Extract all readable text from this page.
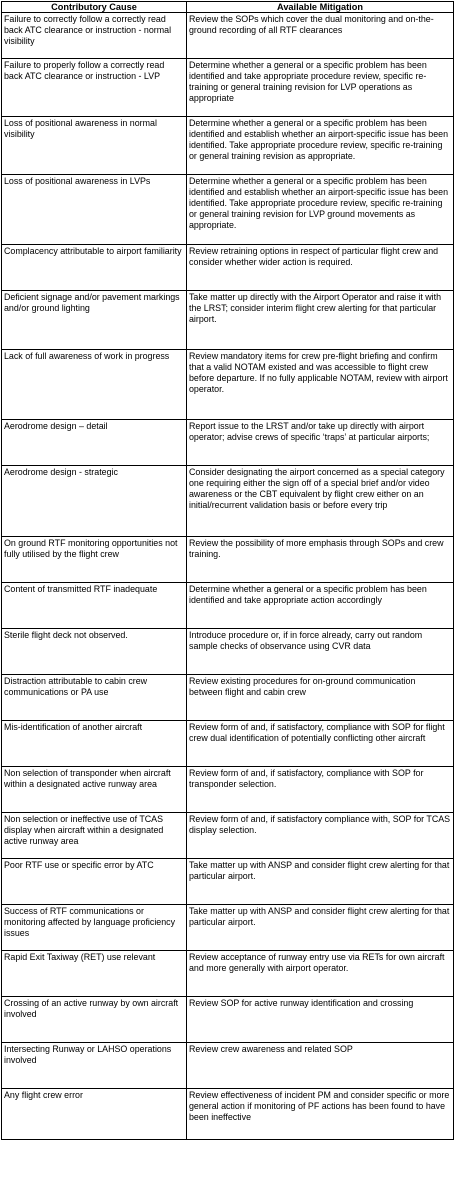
Contributory Cause	Available Mitigation
Failure to correctly follow a correctly read back ATC clearance or instruction - normal visibility	Review the SOPs which cover the dual monitoring and on-the-ground recording of all RTF clearances
Failure to properly follow a correctly read back ATC clearance or instruction - LVP	Determine whether a general or a specific problem has been identified and take appropriate procedure review, specific re-training or general training revision for LVP operations as appropriate
Loss of positional awareness in normal visibility	Determine whether a general or a specific problem has been identified and establish whether an airport-specific issue has been identified. Take appropriate procedure review, specific re-training or general training revision as appropriate.
Loss of positional awareness in LVPs	Determine whether a general or a specific problem has been identified and establish whether an airport-specific issue has been identified. Take appropriate procedure review, specific re-training or general training revision for LVP ground movements as appropriate.
Complacency attributable to airport familiarity	Review retraining options in respect of particular flight crew and consider whether wider action is required.
Deficient signage and/or pavement markings and/or ground lighting	Take matter up directly with the Airport Operator and raise it with the LRST; consider interim flight crew alerting for that particular airport.
Lack of full awareness of work in progress	Review mandatory items for crew pre-flight briefing and confirm that a valid NOTAM existed and was accessible to flight crew before departure. If no fully applicable NOTAM, review with airport operator.
Aerodrome design – detail	Report issue to the LRST and/or take up directly with airport operator; advise crews of specific ‘traps’ at particular airports;
Aerodrome design - strategic	Consider designating the airport concerned as a special category one requiring either the sign off of a special brief and/or video awareness or the CBT equivalent by flight crew either on an initial/recurrent validation basis or before every trip
On ground RTF monitoring opportunities not fully utilised by the flight crew	Review the possibility of more emphasis through SOPs and crew training.
Content of transmitted RTF inadequate	Determine whether a general or a specific problem has been identified and take appropriate action accordingly
Sterile flight deck not observed.	Introduce procedure or, if in force already, carry out random sample checks of observance using CVR data
Distraction attributable to cabin crew communications or PA use	Review existing procedures for on-ground communication between flight and cabin crew
Mis-identification of another aircraft	Review form of and, if satisfactory, compliance with SOP for flight crew dual identification of potentially conflicting other aircraft
Non selection of transponder when aircraft within a designated active runway area	Review form of and, if satisfactory, compliance with SOP for transponder selection.
Non selection or ineffective use of TCAS display when aircraft within a designated active runway area	Review form of and, if satisfactory compliance with, SOP for TCAS display selection.
Poor RTF use or specific error by ATC	Take matter up with ANSP and consider flight crew alerting for that particular airport.
Success of RTF communications or monitoring affected by language proficiency issues	Take matter up with ANSP and consider flight crew alerting for that particular airport.
Rapid Exit Taxiway (RET) use relevant	Review acceptance of runway entry use via RETs for own aircraft and more generally with airport operator.
Crossing of an active runway by own aircraft involved	Review SOP for active runway identification and crossing
Intersecting Runway or LAHSO operations involved	Review crew awareness and related SOP
Any flight crew error	Review effectiveness of incident PM and consider specific or more general action if monitoring of PF actions has been found to have been ineffective
